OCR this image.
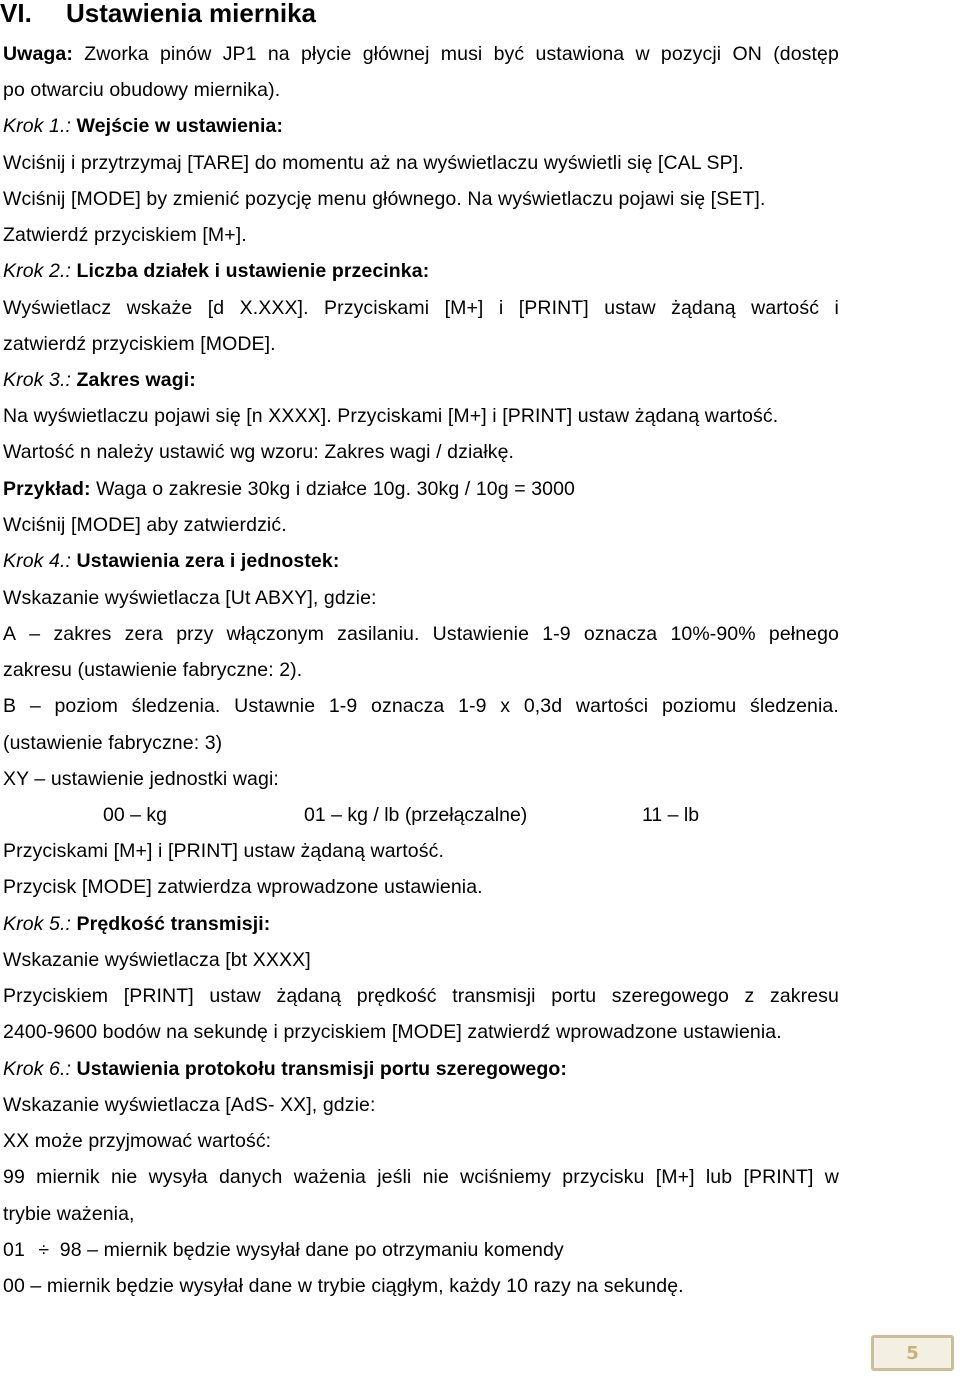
VI. Ustawienia miernika
Uwaga: Zworka pinów JP1 na płycie głównej musi być ustawiona w pozycji ON (dostęp
po otwarciu obudowy miernika).
Krok 1.: Wejście w ustawienia:
Wciśnij i przytrzymaj [TARE] do momentu aż na wyświetlaczu wyświetli się [CAL SP].
Wciśnij [MODE] by zmienić pozycję menu głównego. Na wyświetlaczu pojawi się [SET].
Zatwierdź przyciskiem [M+].
Krok 2.: Liczba działek i ustawienie przecinka:
Wyświetlacz wskaże [d X.XXX]. Przyciskami [M+] i [PRINT] ustaw żądaną wartość i
zatwierdź przyciskiem [MODE].
Krok 3.: Zakres wagi:
Na wyświetlaczu pojawi się [n XXXX]. Przyciskami [M+] i [PRINT] ustaw żądaną wartość.
Wartość n należy ustawić wg wzoru: Zakres wagi / działkę.
Przykład: Waga o zakresie 30kg i działce 10g. 30kg / 10g = 3000
Wciśnij [MODE] aby zatwierdzić.
Krok 4.: Ustawienia zera i jednostek:
Wskazanie wyświetlacza [Ut ABXY], gdzie:
A – zakres zera przy włączonym zasilaniu. Ustawienie 1-9 oznacza 10%-90% pełnego
zakresu (ustawienie fabryczne: 2).
B – poziom śledzenia. Ustawnie 1-9 oznacza 1-9 x 0,3d wartości poziomu śledzenia.
(ustawienie fabryczne: 3)
XY – ustawienie jednostki wagi:
00 – kg	01 – kg / lb (przełączalne)	11 – lb
Przyciskami [M+] i [PRINT] ustaw żądaną wartość.
Przycisk [MODE] zatwierdza wprowadzone ustawienia.
Krok 5.: Prędkość transmisji:
Wskazanie wyświetlacza [bt XXXX]
Przyciskiem [PRINT] ustaw żądaną prędkość transmisji portu szeregowego z zakresu
2400-9600 bodów na sekundę i przyciskiem [MODE] zatwierdź wprowadzone ustawienia.
Krok 6.: Ustawienia protokołu transmisji portu szeregowego:
Wskazanie wyświetlacza [AdS- XX], gdzie:
XX może przyjmować wartość:
99 miernik nie wysyła danych ważenia jeśli nie wciśniemy przycisku [M+] lub [PRINT] w
trybie ważenia,
01 ÷ 98 – miernik będzie wysyłał dane po otrzymaniu komendy
00 – miernik będzie wysyłał dane w trybie ciągłym, każdy 10 razy na sekundę.
5
